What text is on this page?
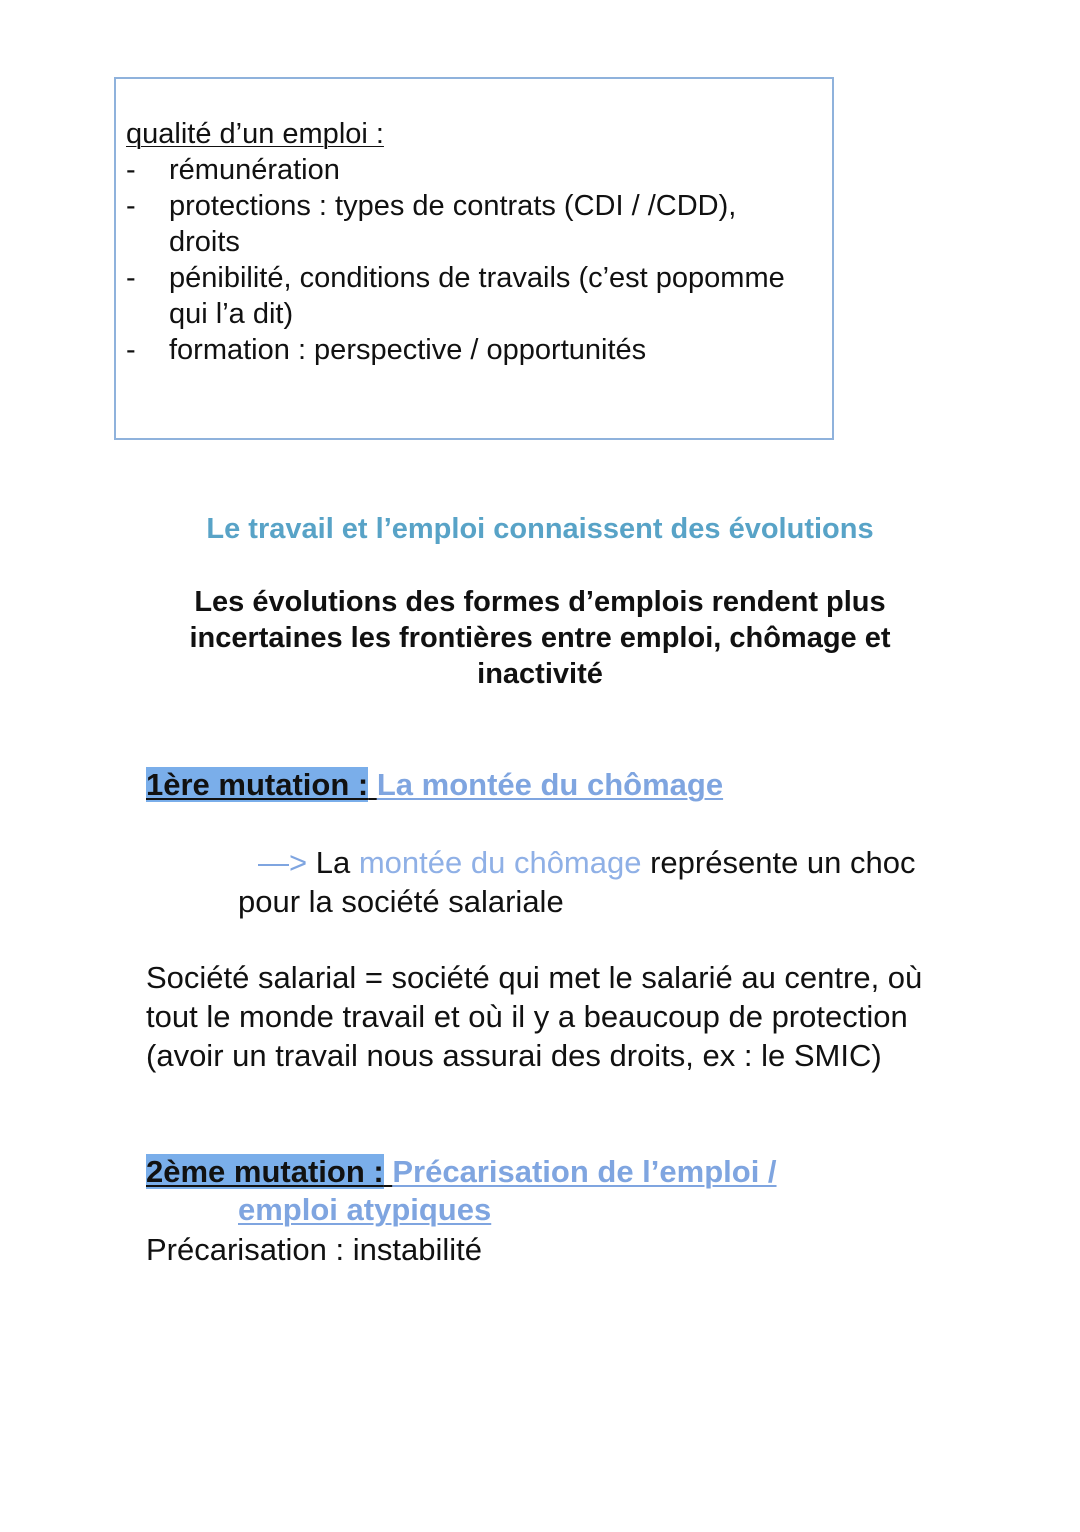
qualité d’un emploi :

-	rémunération
-	protections : types de contrats (CDI / /CDD), droits
-	pénibilité, conditions de travails (c’est popomme qui l’a dit)
-	formation : perspective / opportunités
Le travail et l’emploi connaissent des évolutions
Les évolutions des formes d’emplois rendent plus incertaines les frontières entre emploi, chômage et inactivité

1ère mutation : La montée du chômage

—> La montée du chômage représente un choc pour la société salariale

Société salarial = société qui met le salarié au centre, où tout le monde travail et où il y a beaucoup de protection (avoir un travail nous assurai des droits, ex : le SMIC)

2ème mutation : Précarisation de l’emploi /

emploi atypiques

Précarisation : instabilité
